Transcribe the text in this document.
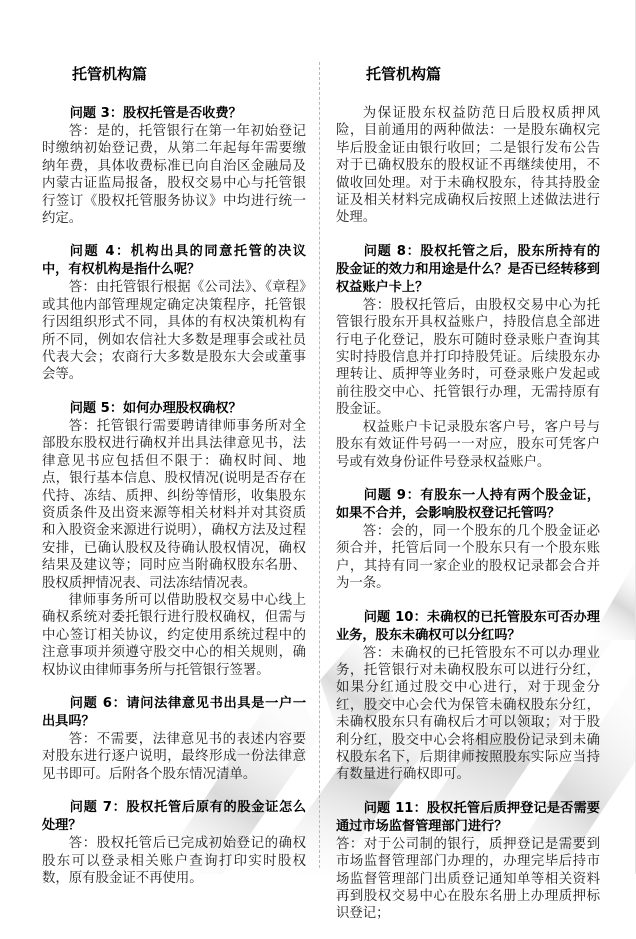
托管机构篇

问题 3：股权托管是否收费？

答：是的，托管银行在第一年初始登记时缴纳初始登记费，从第二年起每年需要缴纳年费，具体收费标准已向自治区金融局及内蒙古证监局报备，股权交易中心与托管银行签订《股权托管服务协议》中均进行统一约定。

问题 4：机构出具的同意托管的决议中，有权机构是指什么呢？

答：由托管银行根据《公司法》、《章程》或其他内部管理规定确定决策程序，托管银行因组织形式不同，具体的有权决策机构有所不同，例如农信社大多数是理事会或社员代表大会；农商行大多数是股东大会或董事会等。

问题 5：如何办理股权确权？

答：托管银行需要聘请律师事务所对全部股东股权进行确权并出具法律意见书，法律意见书应包括但不限于：确权时间、地点，银行基本信息、股权情况(说明是否存在代持、冻结、质押、纠纷等情形，收集股东资质条件及出资来源等相关材料并对其资质和入股资金来源进行说明），确权方法及过程安排，已确认股权及待确认股权情况，确权结果及建议等；同时应当附确权股东名册、股权质押情况表、司法冻结情况表。

律师事务所可以借助股权交易中心线上确权系统对委托银行进行股权确权，但需与中心签订相关协议，约定使用系统过程中的注意事项并须遵守股交中心的相关规则，确权协议由律师事务所与托管银行签署。

问题 6：请问法律意见书出具是一户一出具吗？

答：不需要，法律意见书的表述内容要对股东进行逐户说明，最终形成一份法律意见书即可。后附各个股东情况清单。

问题 7：股权托管后原有的股金证怎么处理？

答：股权托管后已完成初始登记的确权股东可以登录相关账户查询打印实时股权数，原有股金证不再使用。

托管机构篇

为保证股东权益防范日后股权质押风险，目前通用的两种做法：一是股东确权完毕后股金证由银行收回；二是银行发布公告对于已确权股东的股权证不再继续使用，不做收回处理。对于未确权股东，待其持股金证及相关材料完成确权后按照上述做法进行处理。

问题 8：股权托管之后，股东所持有的股金证的效力和用途是什么？是否已经转移到权益账户卡上？

答：股权托管后，由股权交易中心为托管银行股东开具权益账户，持股信息全部进行电子化登记，股东可随时登录账户查询其实时持股信息并打印持股凭证。后续股东办理转让、质押等业务时，可登录账户发起或前往股交中心、托管银行办理，无需持原有股金证。

权益账户卡记录股东客户号，客户号与股东有效证件号码一一对应，股东可凭客户号或有效身份证件号登录权益账户。

问题 9：有股东一人持有两个股金证，如果不合并，会影响股权登记托管吗？

答：会的，同一个股东的几个股金证必须合并，托管后同一个股东只有一个股东账户，其持有同一家企业的股权记录都会合并为一条。

问题 10：未确权的已托管股东可否办理业务，股东未确权可以分红吗？

答：未确权的已托管股东不可以办理业务，托管银行对未确权股东可以进行分红，如果分红通过股交中心进行，对于现金分红，股交中心会代为保管未确权股东分红，未确权股东只有确权后才可以领取；对于股利分红，股交中心会将相应股份记录到未确权股东名下，后期律师按照股东实际应当持有数量进行确权即可。

问题 11：股权托管后质押登记是否需要通过市场监督管理部门进行？

答：对于公司制的银行，质押登记是需要到市场监督管理部门办理的，办理完毕后持市场监督管理部门出质登记通知单等相关资料再到股权交易中心在股东名册上办理质押标识登记；
